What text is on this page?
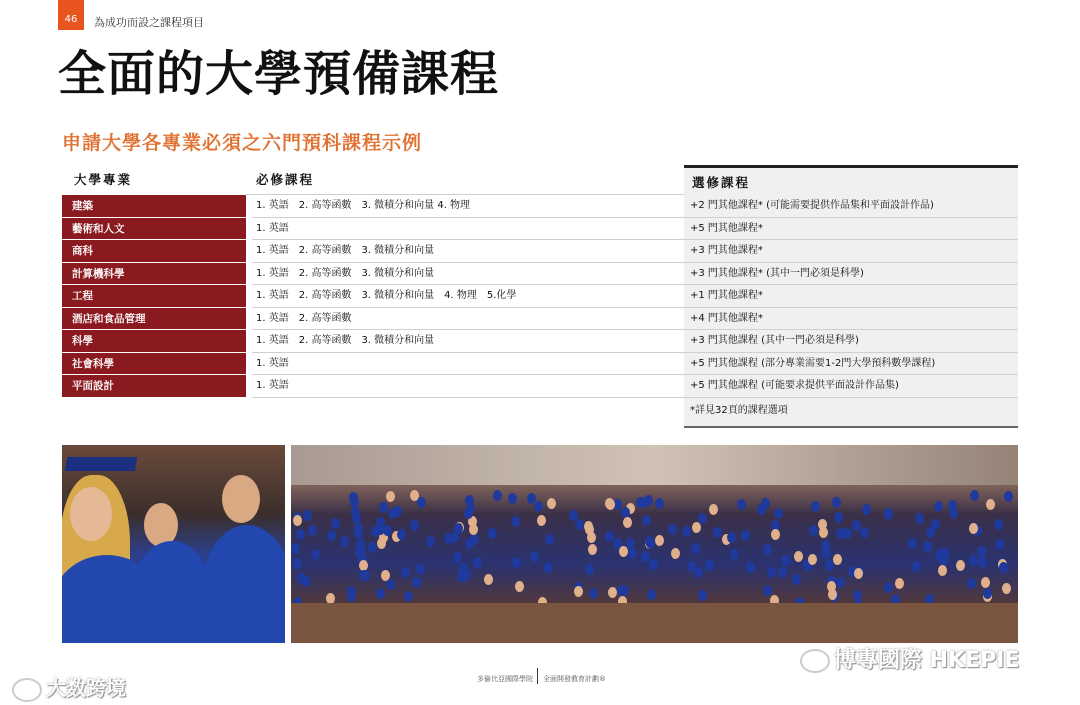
46	為成功而設之課程項目
全面的大學預備課程
申請大學各專業必須之六門預科課程示例
大學專業	必修課程	選修課程
建築	1. 英語　2. 高等函數　3. 微積分和向量 4. 物理	+2 門其他課程* (可能需要提供作品集和平面設計作品)
藝術和人文	1. 英語	+5 門其他課程*
商科	1. 英語　2. 高等函數　3. 微積分和向量	+3 門其他課程*
計算機科學	1. 英語　2. 高等函數　3. 微積分和向量	+3 門其他課程* (其中一門必須是科學)
工程	1. 英語　2. 高等函數　3. 微積分和向量　4. 物理　5.化學	+1 門其他課程*
酒店和食品管理	1. 英語　2. 高等函數	+4 門其他課程*
科學	1. 英語　2. 高等函數　3. 微積分和向量	+3 門其他課程 (其中一門必須是科學)
社會科學	1. 英語	+5 門其他課程 (部分專業需要1-2門大學預科數學課程)
平面設計	1. 英語	+5 門其他課程 (可能要求提供平面設計作品集)
*詳見32頁的課程選項
多倫比亞國際學院 全面開發教育計劃®
大数跨境
博專國際 HKEPIE
